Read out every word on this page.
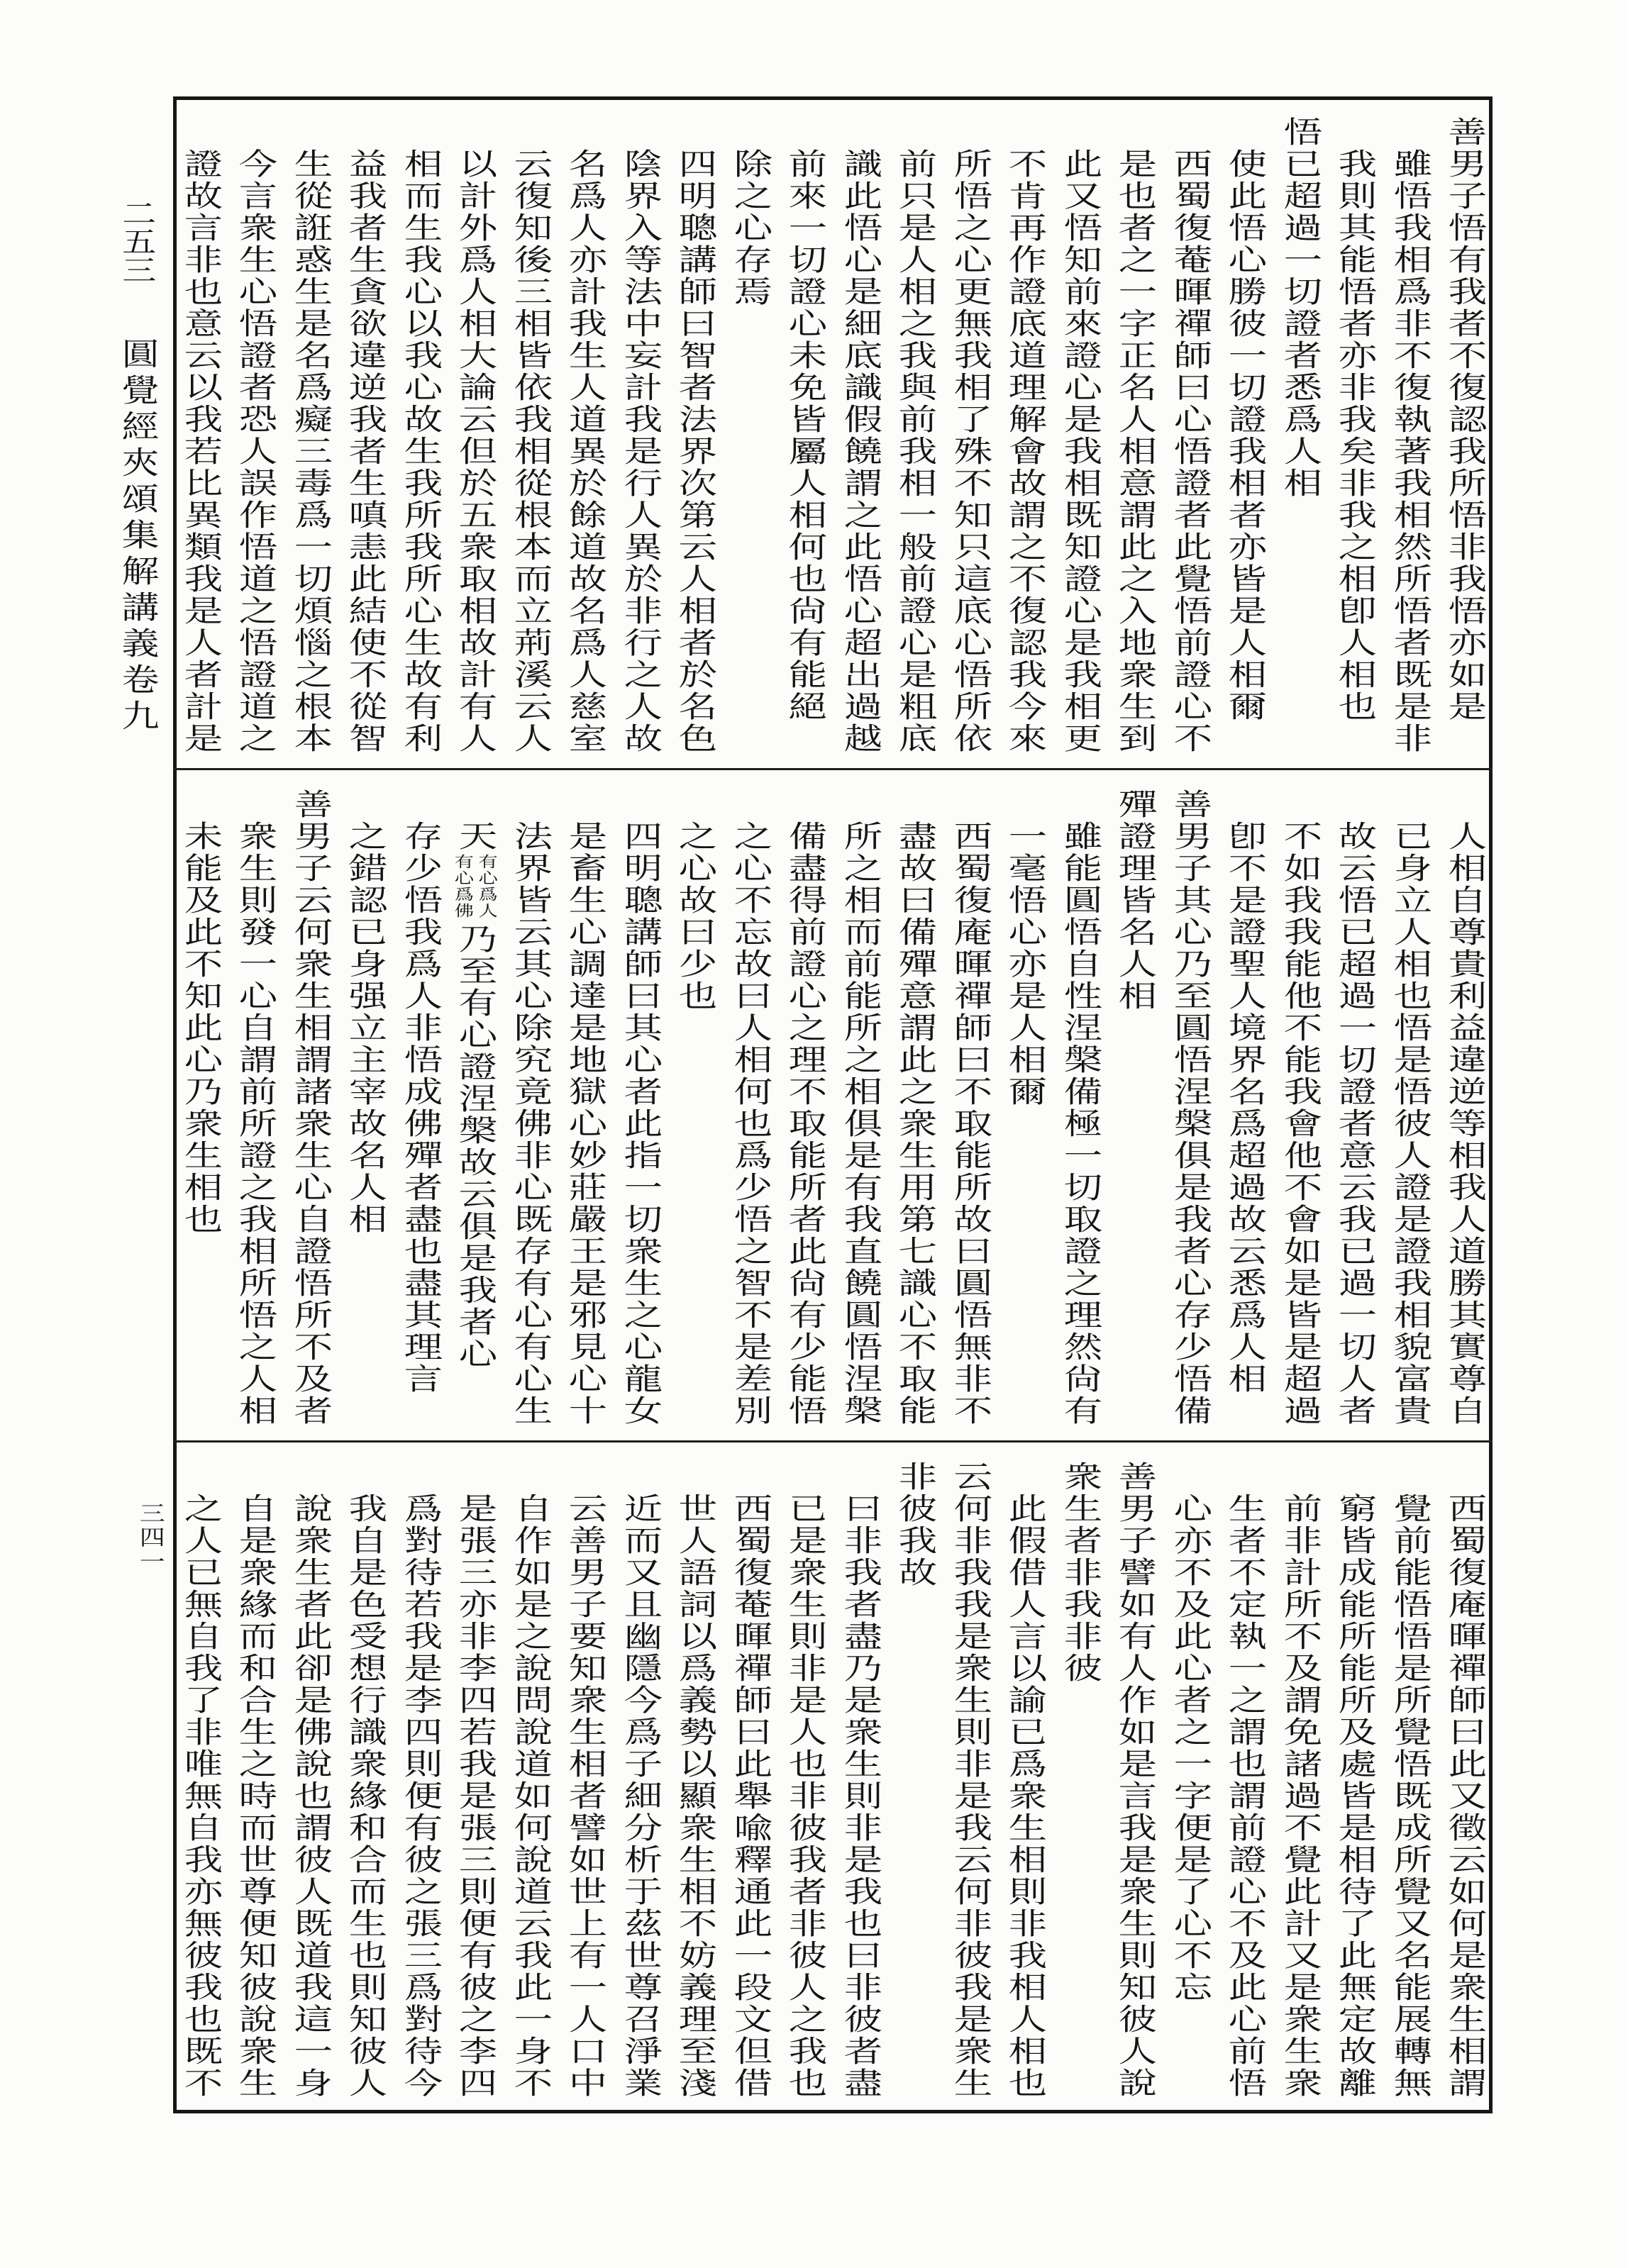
二五三
圓覺經夾頌集解講義卷九
三四一
善男子悟有我者不復認我所悟非我悟亦如是
雖悟我相爲非不復執著我相然所悟者既是非
我則其能悟者亦非我矣非我之相卽人相也
悟已超過一切證者悉爲人相
使此悟心勝彼一切證我相者亦皆是人相爾
西蜀復菴暉禪師曰心悟證者此覺悟前證心不
是也者之一字正名人相意謂此之入地衆生到
此又悟知前來證心是我相既知證心是我相更
不肯再作證底道理解會故謂之不復認我今來
所悟之心更無我相了殊不知只這底心悟所依
前只是人相之我與前我相一般前證心是粗底
識此悟心是細底識假饒謂之此悟心超出過越
前來一切證心未免皆屬人相何也尙有能絕
除之心存焉
四明聰講師曰智者法界次第云人相者於名色
陰界入等法中妄計我是行人異於非行之人故
名爲人亦計我生人道異於餘道故名爲人慈室
云復知後三相皆依我相從根本而立荊溪云人
以計外爲人相大論云但於五衆取相故計有人
相而生我心以我心故生我所我所心生故有利
益我者生貪欲違逆我者生嗔恚此結使不從智
生從誑惑生是名爲癡三毒爲一切煩惱之根本
今言衆生心悟證者恐人誤作悟道之悟證道之
證故言非也意云以我若比異類我是人者計是
人相自尊貴利益違逆等相我人道勝其實尊自
已身立人相也悟是悟彼人證是證我相貌富貴
故云悟已超過一切證者意云我已過一切人者
不如我我能他不能我會他不會如是皆是超過
卽不是證聖人境界名爲超過故云悉爲人相
善男子其心乃至圓悟涅槃俱是我者心存少悟備
殫證理皆名人相
雖能圓悟自性涅槃備極一切取證之理然尙有
一毫悟心亦是人相爾
西蜀復庵暉禪師曰不取能所故曰圓悟無非不
盡故曰備殫意謂此之衆生用第七識心不取能
所之相而前能所之相俱是有我直饒圓悟涅槃
備盡得前證心之理不取能所者此尙有少能悟
之心不忘故曰人相何也爲少悟之智不是差別
之心故曰少也
四明聰講師曰其心者此指一切衆生之心龍女
是畜生心調達是地獄心妙莊嚴王是邪見心十
法界皆云其心除究竟佛非心既存有心有心生
天
有心爲人
有心爲佛
乃至有心證涅槃故云俱是我者心
存少悟我爲人非悟成佛殫者盡也盡其理言
之錯認已身强立主宰故名人相
善男子云何衆生相謂諸衆生心自證悟所不及者
衆生則發一心自謂前所證之我相所悟之人相
未能及此不知此心乃衆生相也
西蜀復庵暉禪師曰此又徵云如何是衆生相謂
覺前能悟悟是所覺悟既成所覺又名能展轉無
窮皆成能所能所及處皆是相待了此無定故離
前非計所不及謂免諸過不覺此計又是衆生衆
生者不定執一之謂也謂前證心不及此心前悟
心亦不及此心者之一字便是了心不忘
善男子譬如有人作如是言我是衆生則知彼人說
衆生者非我非彼
此假借人言以諭已爲衆生相則非我相人相也
云何非我我是衆生則非是我云何非彼我是衆生
非彼我故
曰非我者盡乃是衆生則非是我也曰非彼者盡
已是衆生則非是人也非彼我者非彼人之我也
西蜀復菴暉禪師曰此舉喩釋通此一段文但借
世人語詞以爲義勢以顯衆生相不妨義理至淺
近而又且幽隱今爲子細分析于茲世尊召淨業
云善男子要知衆生相者譬如世上有一人口中
自作如是之說問說道如何說道云我此一身不
是張三亦非李四若我是張三則便有彼之李四
爲對待若我是李四則便有彼之張三爲對待今
我自是色受想行識衆緣和合而生也則知彼人
說衆生者此卻是佛說也謂彼人既道我這一身
自是衆緣而和合生之時而世尊便知彼說衆生
之人已無自我了非唯無自我亦無彼我也既不
